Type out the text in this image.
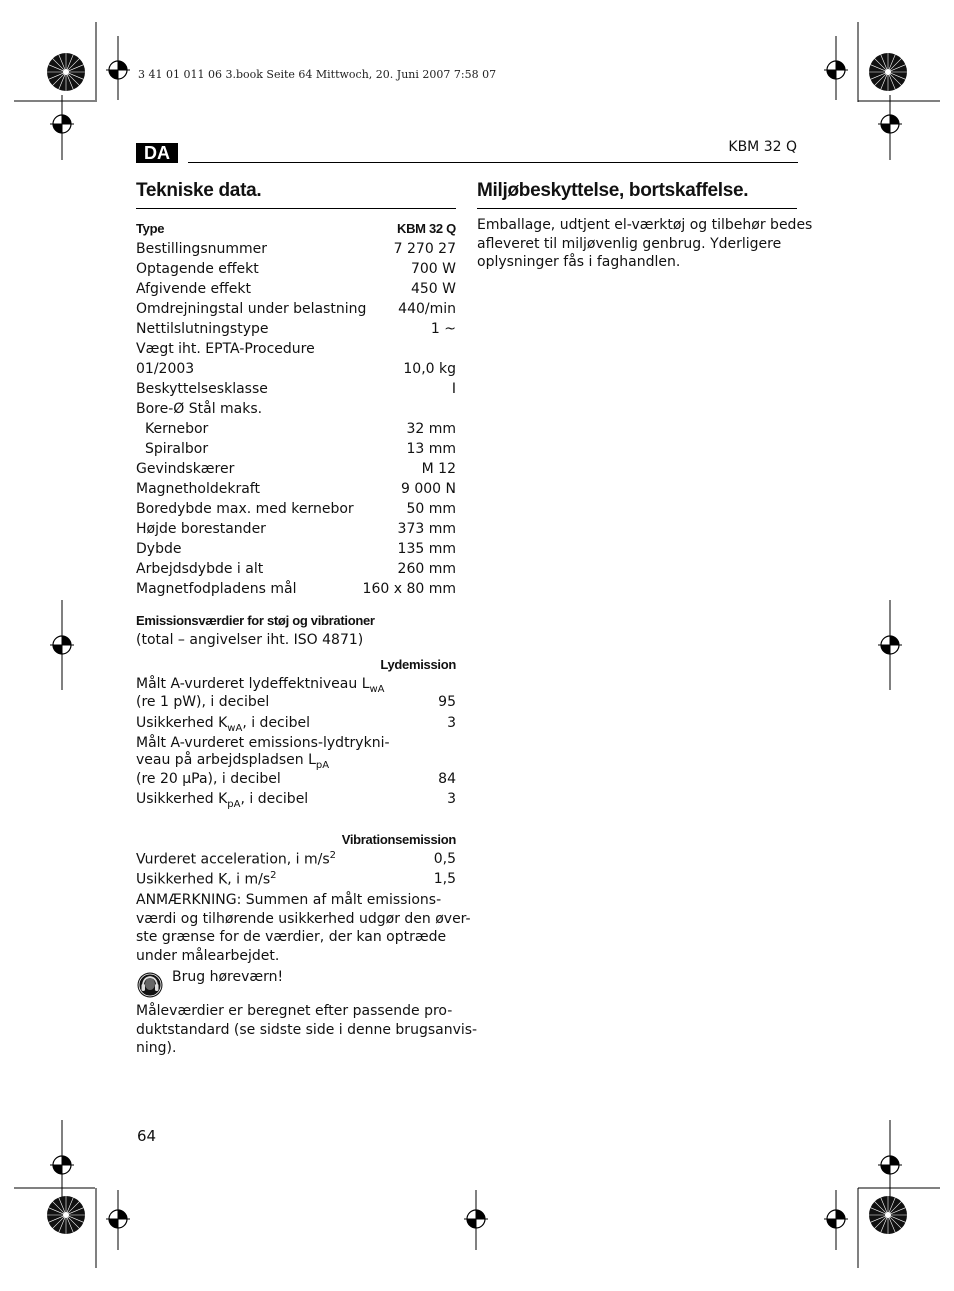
3 41 01 011 06 3.book Seite 64 Mittwoch, 20. Juni 2007 7:58 07
DA	KBM 32 Q
Tekniske data.
Type	KBM 32 Q
Bestillingsnummer	7 270 27
Optagende effekt	700 W
Afgivende effekt	450 W
Omdrejningstal under belastning 440/min
Nettilslutningstype	1 ~
Vægt iht. EPTA-Procedure
01/2003	10,0 kg
Beskyttelsesklasse	I
Bore-Ø Stål maks.
Kernebor	32 mm
Spiralbor	13 mm
Gevindskærer	M 12
Magnetholdekraft	9 000 N
Boredybde max. med kernebor	50 mm
Højde borestander	373 mm
Dybde	135 mm
Arbejdsdybde i alt	260 mm
Magnetfodpladens mål	160 x 80 mm
Emissionsværdier for støj og vibrationer
(total – angivelser iht. ISO 4871)
Lydemission
Målt A-vurderet lydeffektniveau $L_{wA}$
(re 1 pW), i decibel	95
Usikkerhed $K_{wA}$, i decibel	3
Målt A-vurderet emissions-lydtrykni-
veau på arbejdspladsen $L_{pA}$
(re 20 µPa), i decibel	84
Usikkerhed $K_{pA}$, i decibel	3
Vibrationsemission
Vurderet acceleration, i $m/s^2$	0,5
Usikkerhed K, i $m/s^2$	1,5
ANMÆRKNING: Summen af målt emissions-
værdi og tilhørende usikkerhed udgør den øver-
ste grænse for de værdier, der kan optræde
under målearbejdet.
Brug høreværn!
Måleværdier er beregnet efter passende pro-
duktstandard (se sidste side i denne brugsanvis-
ning).
Miljøbeskyttelse, bortskaffelse.
Emballage, udtjent el-værktøj og tilbehør bedes
afleveret til miljøvenlig genbrug. Yderligere
oplysninger fås i faghandlen.
64
